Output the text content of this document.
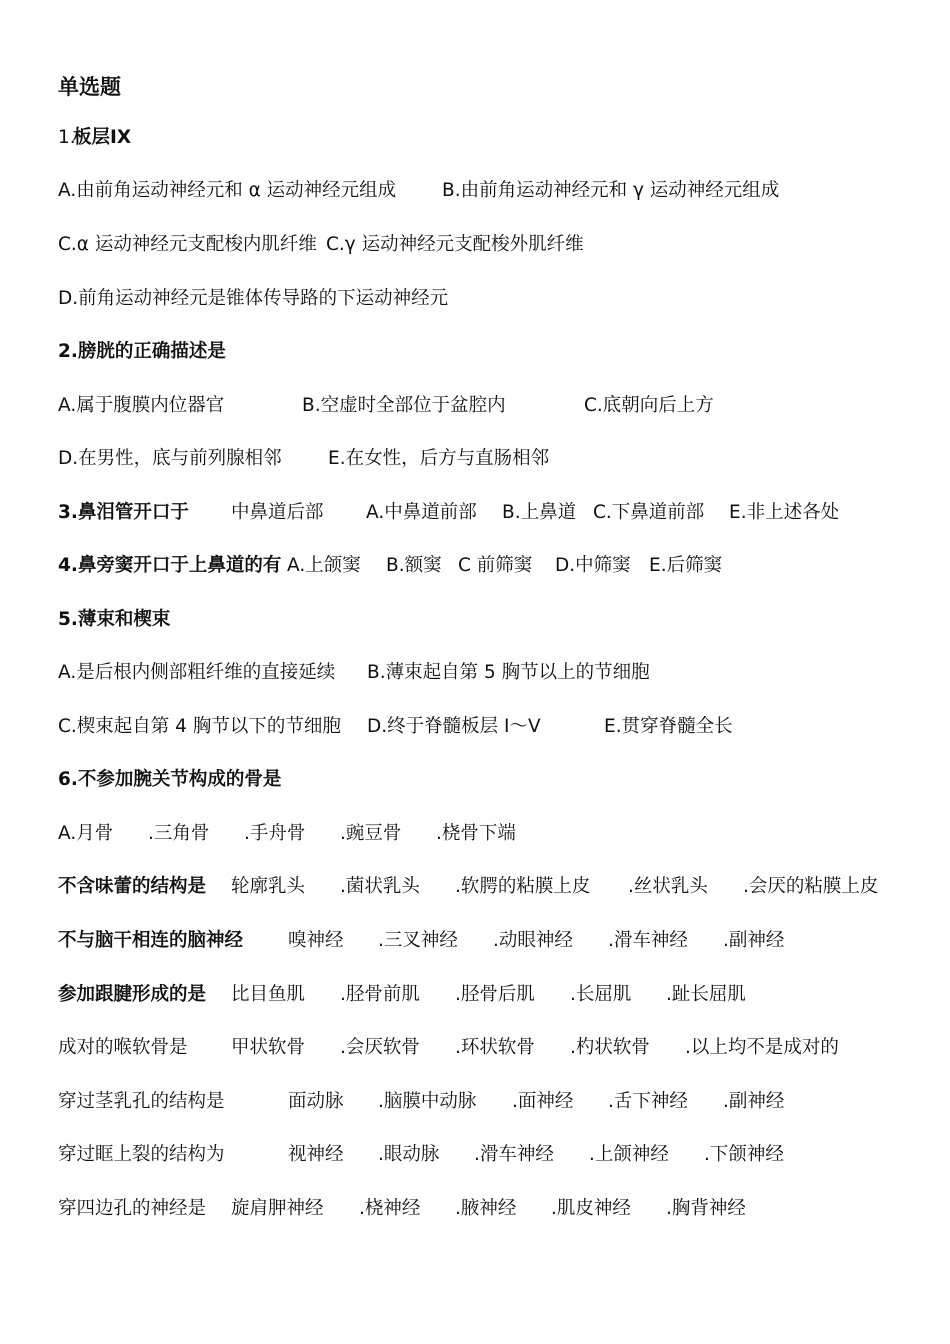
单选题
1.
板层IX
A.由前角运动神经元和 α 运动神经元组成 B.由前角运动神经元和 γ 运动神经元组成
C.α 运动神经元支配梭内肌纤维 C.γ 运动神经元支配梭外肌纤维
D.前角运动神经元是锥体传导路的下运动神经元
2.膀胱的正确描述是
A.属于腹膜内位器官	B.空虚时全部位于盆腔内	C.底朝向后上方
D.在男性，底与前列腺相邻	E.在女性，后方与直肠相邻
3.鼻泪管开口于 中鼻道后部 A.中鼻道前部 B.上鼻道 C.下鼻道前部 E.非上述各处
4.鼻旁窦开口于上鼻道的有 A.上颌窦 B.额窦 C 前筛窦 D.中筛窦 E.后筛窦
5.薄束和楔束
A.是后根内侧部粗纤维的直接延续 B.薄束起自第 5 胸节以上的节细胞
C.楔束起自第 4 胸节以下的节细胞 D.终于脊髓板层 I～V	E.贯穿脊髓全长
6.不参加腕关节构成的骨是
A.月骨 .三角骨 .手舟骨 .豌豆骨 .桡骨下端
不含味蕾的结构是 轮廓乳头 .菌状乳头 .软腭的粘膜上皮 .丝状乳头 .会厌的粘膜上皮
不与脑干相连的脑神经 嗅神经 .三叉神经 .动眼神经 .滑车神经 .副神经
参加跟腱形成的是 比目鱼肌 .胫骨前肌 .胫骨后肌 .长屈肌 .趾长屈肌
成对的喉软骨是 甲状软骨 .会厌软骨 .环状软骨 .杓状软骨 .以上均不是成对的
穿过茎乳孔的结构是	面动脉 .脑膜中动脉 .面神经 .舌下神经 .副神经
穿过眶上裂的结构为	视神经 .眼动脉 .滑车神经 .上颌神经 .下颌神经
穿四边孔的神经是 旋肩胛神经 .桡神经 .腋神经 .肌皮神经 .胸背神经
